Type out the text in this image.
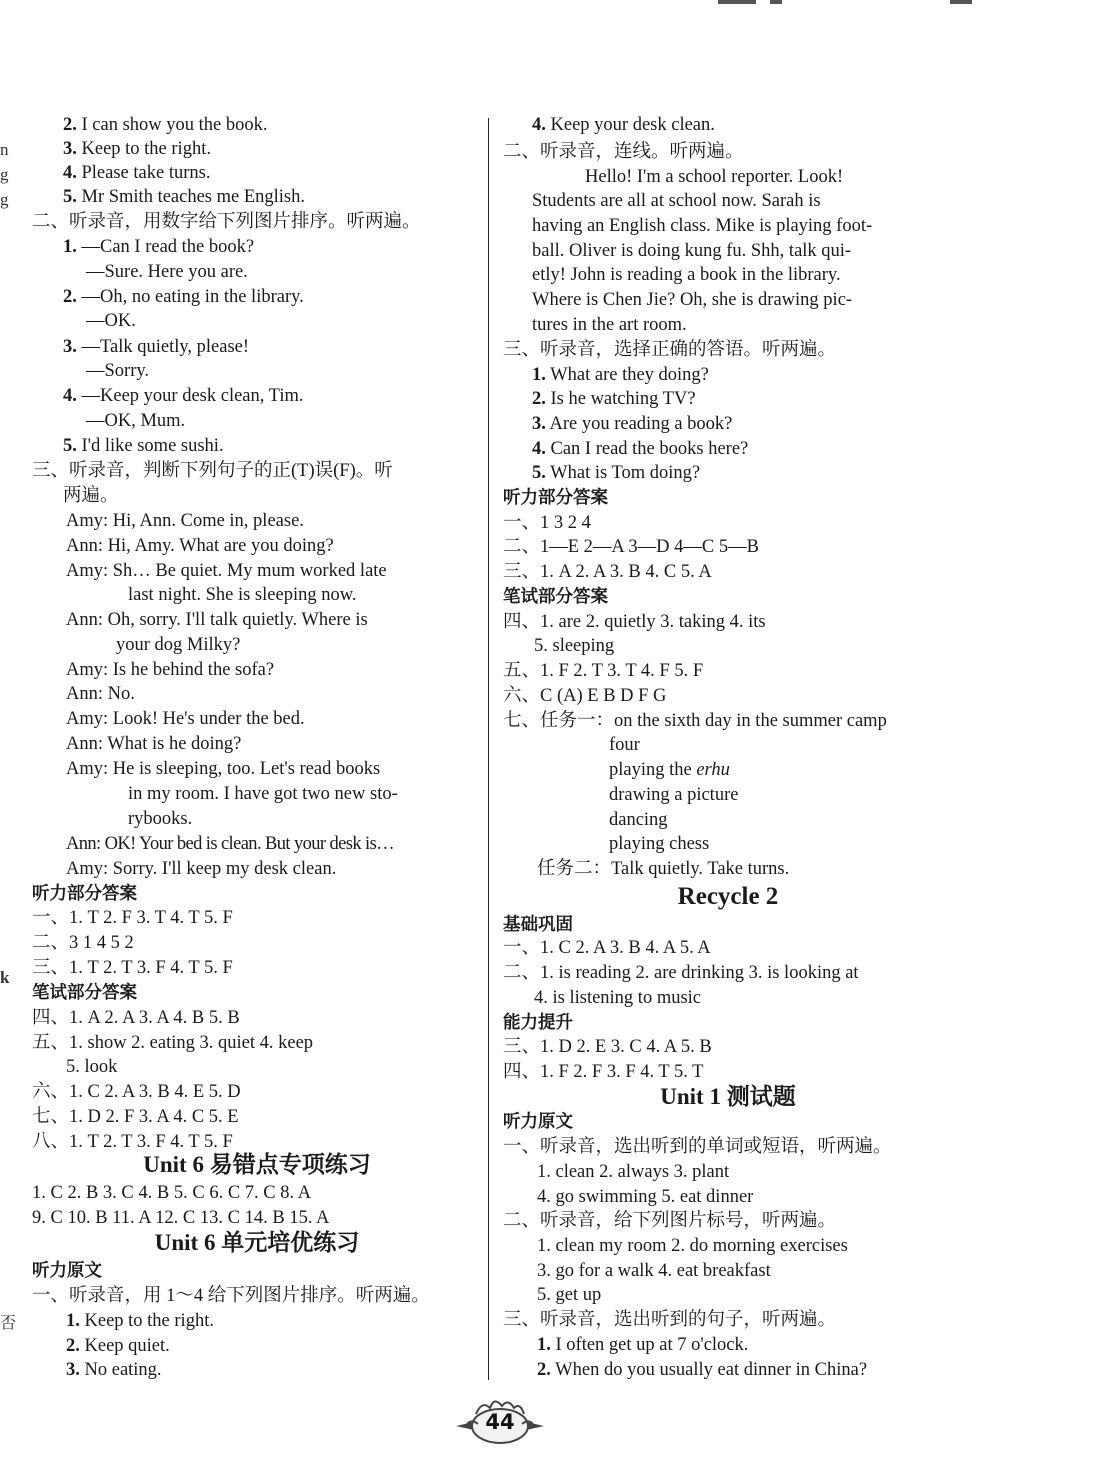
n
g
g
k
否
2. I can show you the book.
3. Keep to the right.
4. Please take turns.
5. Mr Smith teaches me English.
二、听录音，用数字给下列图片排序。听两遍。
1. —Can I read the book?
—Sure. Here you are.
2. —Oh, no eating in the library.
—OK.
3. —Talk quietly, please!
—Sorry.
4. —Keep your desk clean, Tim.
—OK, Mum.
5. I'd like some sushi.
三、听录音，判断下列句子的正(T)误(F)。听
两遍。
Amy: Hi, Ann. Come in, please.
Ann: Hi, Amy. What are you doing?
Amy: Sh… Be quiet. My mum worked late
last night. She is sleeping now.
Ann: Oh, sorry. I'll talk quietly. Where is
your dog Milky?
Amy: Is he behind the sofa?
Ann: No.
Amy: Look! He's under the bed.
Ann: What is he doing?
Amy: He is sleeping, too. Let's read books
in my room. I have got two new sto-
rybooks.
Ann: OK! Your bed is clean. But your desk is…
Amy: Sorry. I'll keep my desk clean.
听力部分答案
一、1. T 2. F 3. T 4. T 5. F
二、3 1 4 5 2
三、1. T 2. T 3. F 4. T 5. F
笔试部分答案
四、1. A 2. A 3. A 4. B 5. B
五、1. show 2. eating 3. quiet 4. keep
5. look
六、1. C 2. A 3. B 4. E 5. D
七、1. D 2. F 3. A 4. C 5. E
八、1. T 2. T 3. F 4. T 5. F
Unit 6 易错点专项练习
1. C 2. B 3. C 4. B 5. C 6. C 7. C 8. A
9. C 10. B 11. A 12. C 13. C 14. B 15. A
Unit 6 单元培优练习
听力原文
一、听录音，用 1～4 给下列图片排序。听两遍。
1. Keep to the right.
2. Keep quiet.
3. No eating.
4. Keep your desk clean.
二、听录音，连线。听两遍。
Hello! I'm a school reporter. Look!
Students are all at school now. Sarah is
having an English class. Mike is playing foot-
ball. Oliver is doing kung fu. Shh, talk qui-
etly! John is reading a book in the library.
Where is Chen Jie? Oh, she is drawing pic-
tures in the art room.
三、听录音，选择正确的答语。听两遍。
1. What are they doing?
2. Is he watching TV?
3. Are you reading a book?
4. Can I read the books here?
5. What is Tom doing?
听力部分答案
一、1 3 2 4
二、1—E 2—A 3—D 4—C 5—B
三、1. A 2. A 3. B 4. C 5. A
笔试部分答案
四、1. are 2. quietly 3. taking 4. its
5. sleeping
五、1. F 2. T 3. T 4. F 5. F
六、C (A) E B D F G
七、任务一：on the sixth day in the summer camp
four
playing the erhu
drawing a picture
dancing
playing chess
任务二：Talk quietly. Take turns.
Recycle 2
基础巩固
一、1. C 2. A 3. B 4. A 5. A
二、1. is reading 2. are drinking 3. is looking at
4. is listening to music
能力提升
三、1. D 2. E 3. C 4. A 5. B
四、1. F 2. F 3. F 4. T 5. T
Unit 1 测试题
听力原文
一、听录音，选出听到的单词或短语，听两遍。
1. clean 2. always 3. plant
4. go swimming 5. eat dinner
二、听录音，给下列图片标号，听两遍。
1. clean my room 2. do morning exercises
3. go for a walk 4. eat breakfast
5. get up
三、听录音，选出听到的句子，听两遍。
1. I often get up at 7 o'clock.
2. When do you usually eat dinner in China?
44
